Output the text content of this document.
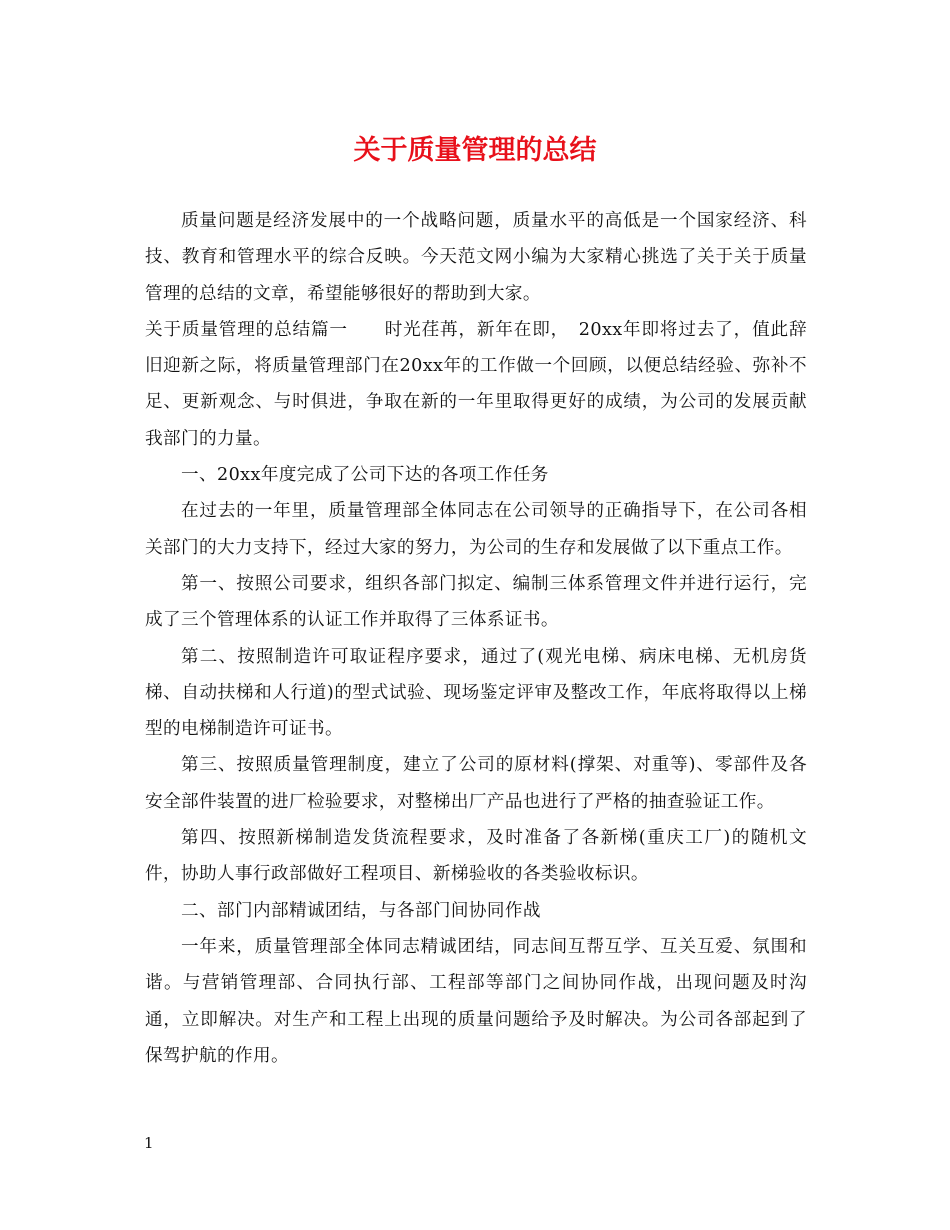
关于质量管理的总结

质量问题是经济发展中的一个战略问题，质量水平的高低是一个国家经济、科技、教育和管理水平的综合反映。今天范文网小编为大家精心挑选了关于关于质量管理的总结的文章，希望能够很好的帮助到大家。

关于质量管理的总结篇一　　时光荏苒，新年在即，　20xx年即将过去了，值此辞旧迎新之际，将质量管理部门在20xx年的工作做一个回顾，以便总结经验、弥补不足、更新观念、与时俱进，争取在新的一年里取得更好的成绩，为公司的发展贡献我部门的力量。

一、20xx年度完成了公司下达的各项工作任务

在过去的一年里，质量管理部全体同志在公司领导的正确指导下，在公司各相关部门的大力支持下，经过大家的努力，为公司的生存和发展做了以下重点工作。

第一、按照公司要求，组织各部门拟定、编制三体系管理文件并进行运行，完成了三个管理体系的认证工作并取得了三体系证书。

第二、按照制造许可取证程序要求，通过了(观光电梯、病床电梯、无机房货梯、自动扶梯和人行道)的型式试验、现场鉴定评审及整改工作，年底将取得以上梯型的电梯制造许可证书。

第三、按照质量管理制度，建立了公司的原材料(撑架、对重等)、零部件及各安全部件装置的进厂检验要求，对整梯出厂产品也进行了严格的抽查验证工作。

第四、按照新梯制造发货流程要求，及时准备了各新梯(重庆工厂)的随机文件，协助人事行政部做好工程项目、新梯验收的各类验收标识。

二、部门内部精诚团结，与各部门间协同作战

一年来，质量管理部全体同志精诚团结，同志间互帮互学、互关互爱、氛围和谐。与营销管理部、合同执行部、工程部等部门之间协同作战，出现问题及时沟通，立即解决。对生产和工程上出现的质量问题给予及时解决。为公司各部起到了保驾护航的作用。

1
